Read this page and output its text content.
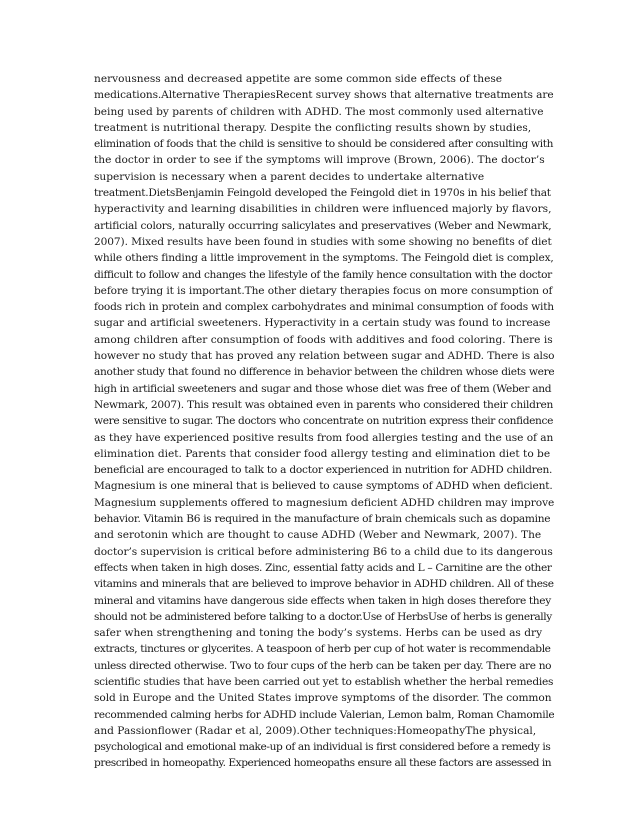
nervousness and decreased appetite are some common side effects of these

medications.Alternative TherapiesRecent survey shows that alternative treatments are

being used by parents of children with ADHD. The most commonly used alternative

treatment is nutritional therapy. Despite the conflicting results shown by studies,

elimination of foods that the child is sensitive to should be considered after consulting with

the doctor in order to see if the symptoms will improve (Brown, 2006). The doctor’s

supervision is necessary when a parent decides to undertake alternative

treatment.DietsBenjamin Feingold developed the Feingold diet in 1970s in his belief that

hyperactivity and learning disabilities in children were influenced majorly by flavors,

artificial colors, naturally occurring salicylates and preservatives (Weber and Newmark,

2007). Mixed results have been found in studies with some showing no benefits of diet

while others finding a little improvement in the symptoms. The Feingold diet is complex,

difficult to follow and changes the lifestyle of the family hence consultation with the doctor

before trying it is important.The other dietary therapies focus on more consumption of

foods rich in protein and complex carbohydrates and minimal consumption of foods with

sugar and artificial sweeteners. Hyperactivity in a certain study was found to increase

among children after consumption of foods with additives and food coloring. There is

however no study that has proved any relation between sugar and ADHD. There is also

another study that found no difference in behavior between the children whose diets were

high in artificial sweeteners and sugar and those whose diet was free of them (Weber and

Newmark, 2007). This result was obtained even in parents who considered their children

were sensitive to sugar. The doctors who concentrate on nutrition express their confidence

as they have experienced positive results from food allergies testing and the use of an

elimination diet. Parents that consider food allergy testing and elimination diet to be

beneficial are encouraged to talk to a doctor experienced in nutrition for ADHD children.

Magnesium is one mineral that is believed to cause symptoms of ADHD when deficient.

Magnesium supplements offered to magnesium deficient ADHD children may improve

behavior. Vitamin B6 is required in the manufacture of brain chemicals such as dopamine

and serotonin which are thought to cause ADHD (Weber and Newmark, 2007). The

doctor’s supervision is critical before administering B6 to a child due to its dangerous

effects when taken in high doses. Zinc, essential fatty acids and L – Carnitine are the other

vitamins and minerals that are believed to improve behavior in ADHD children. All of these

mineral and vitamins have dangerous side effects when taken in high doses therefore they

should not be administered before talking to a doctor.Use of HerbsUse of herbs is generally

safer when strengthening and toning the body’s systems. Herbs can be used as dry

extracts, tinctures or glycerites. A teaspoon of herb per cup of hot water is recommendable

unless directed otherwise. Two to four cups of the herb can be taken per day. There are no

scientific studies that have been carried out yet to establish whether the herbal remedies

sold in Europe and the United States improve symptoms of the disorder. The common

recommended calming herbs for ADHD include Valerian, Lemon balm, Roman Chamomile

and Passionflower (Radar et al, 2009).Other techniques:HomeopathyThe physical,

psychological and emotional make-up of an individual is first considered before a remedy is

prescribed in homeopathy. Experienced homeopaths ensure all these factors are assessed in
